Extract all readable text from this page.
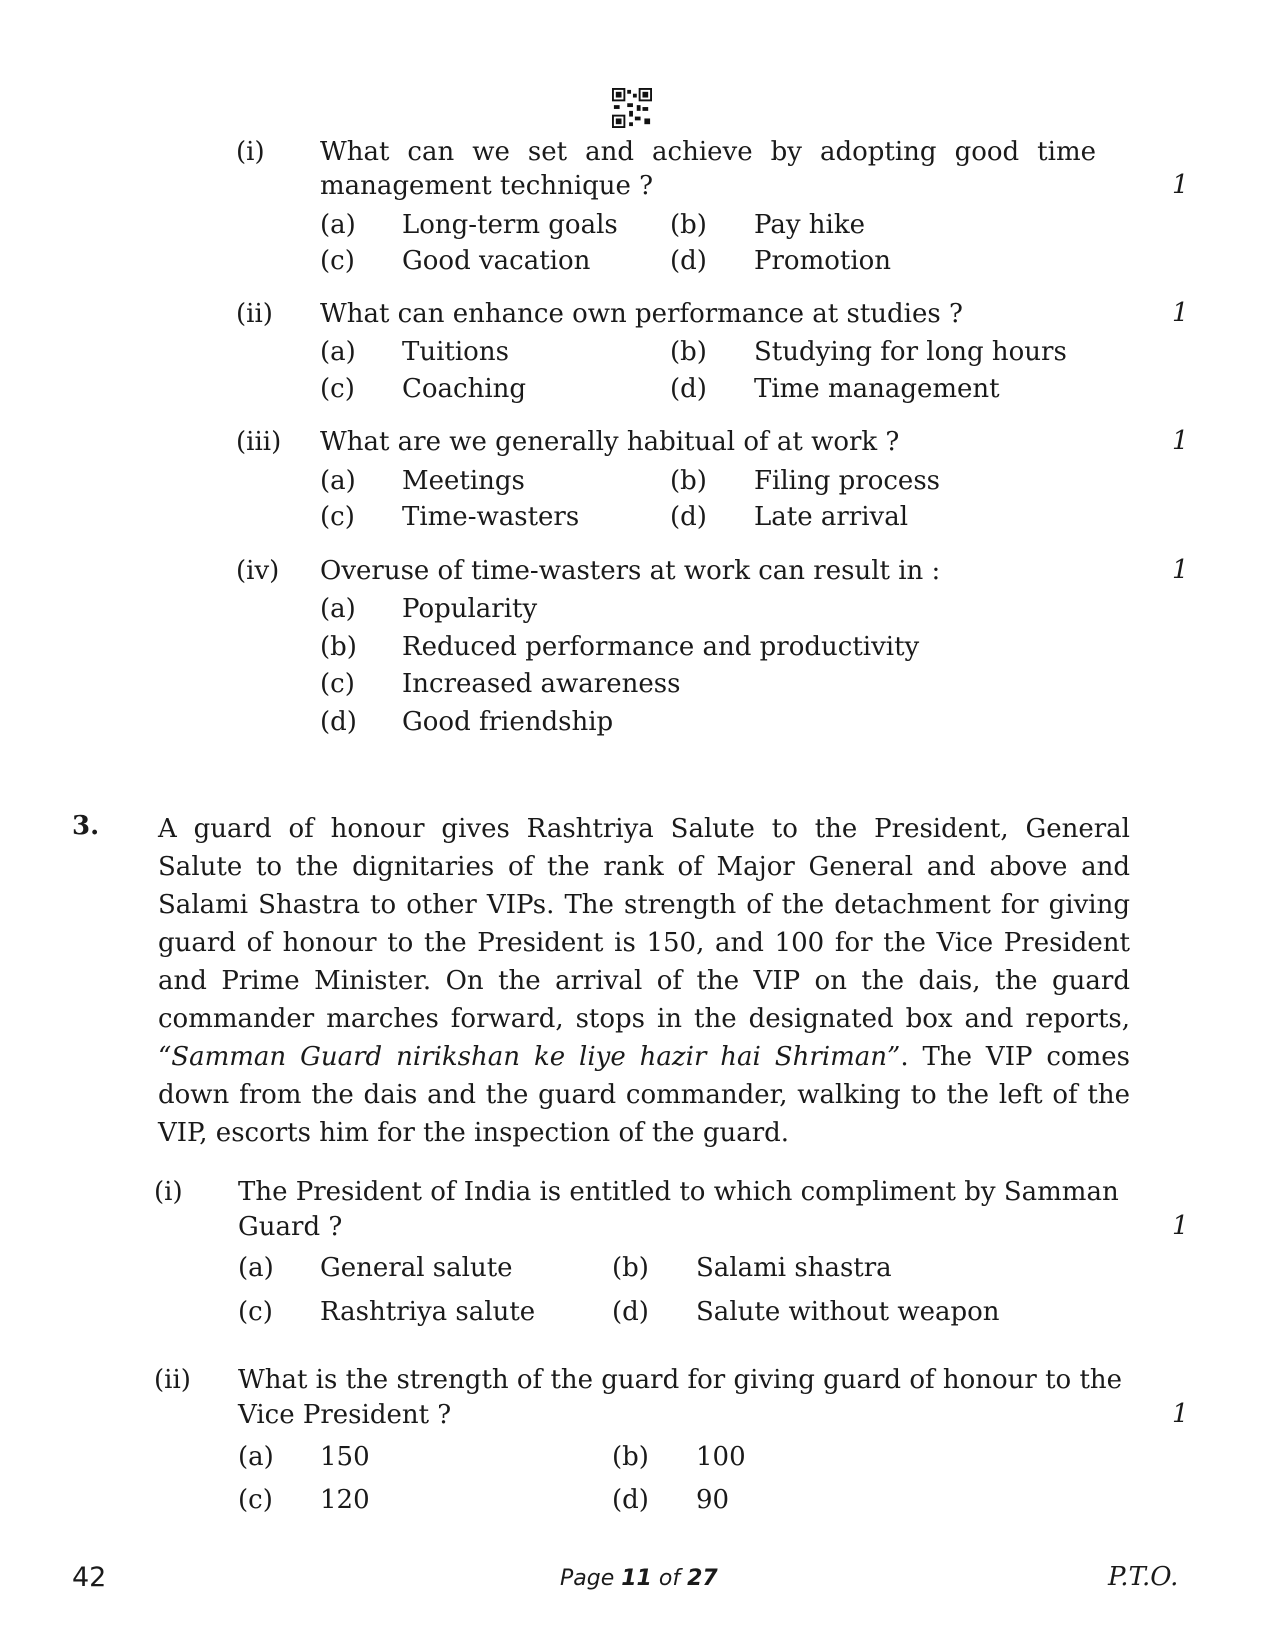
(i) What can we set and achieve by adopting good time
management technique ?	1
(a) Long-term goals (b) Pay hike
(c) Good vacation	(d) Promotion
(ii) What can enhance own performance at studies ?	1
(a) Tuitions	(b) Studying for long hours
(c) Coaching	(d) Time management
(iii) What are we generally habitual of at work ?	1
(a) Meetings	(b) Filing process
(c) Time-wasters	(d) Late arrival
(iv) Overuse of time-wasters at work can result in :	1
(a) Popularity
(b) Reduced performance and productivity
(c) Increased awareness
(d) Good friendship
3. A guard of honour gives Rashtriya Salute to the President, General Salute to the dignitaries of the rank of Major General and above and Salami Shastra to other VIPs. The strength of the detachment for giving guard of honour to the President is 150, and 100 for the Vice President and Prime Minister. On the arrival of the VIP on the dais, the guard commander marches forward, stops in the designated box and reports, “Samman Guard nirikshan ke liye hazir hai Shriman”. The VIP comes down from the dais and the guard commander, walking to the left of the VIP, escorts him for the inspection of the guard.
(i) The President of India is entitled to which compliment by Samman
Guard ?	1
(a) General salute	(b) Salami shastra
(c) Rashtriya salute	(d) Salute without weapon
(ii) What is the strength of the guard for giving guard of honour to the
Vice President ?	1
(a) 150	(b) 100
(c) 120	(d) 90
42	Page 11 of 27	P.T.O.
